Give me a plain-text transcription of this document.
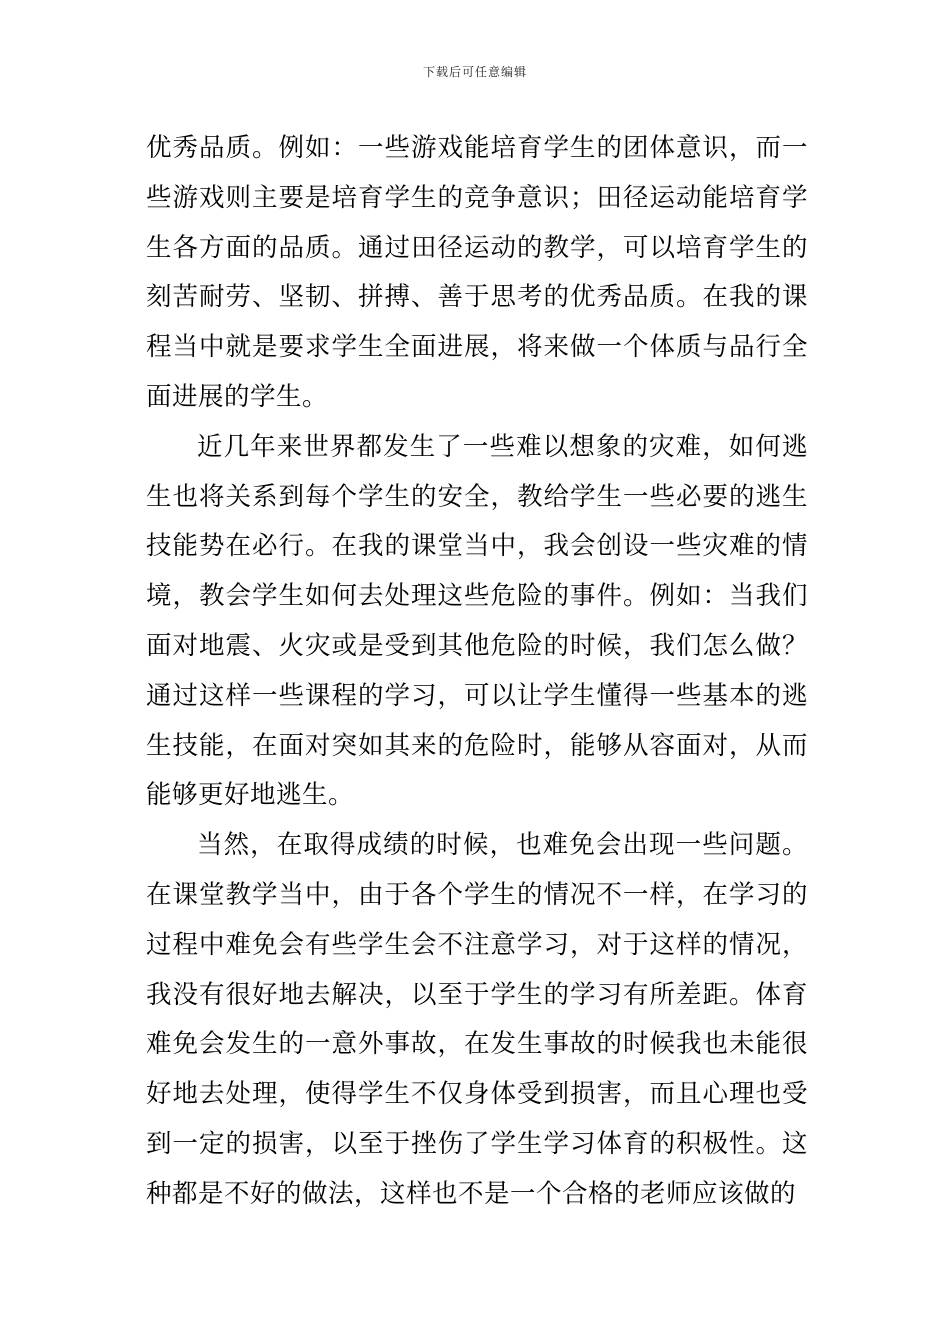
下载后可任意编辑

优秀品质。例如：一些游戏能培育学生的团体意识，而一些游戏则主要是培育学生的竞争意识；田径运动能培育学生各方面的品质。通过田径运动的教学，可以培育学生的刻苦耐劳、坚韧、拼搏、善于思考的优秀品质。在我的课程当中就是要求学生全面进展，将来做一个体质与品行全面进展的学生。

近几年来世界都发生了一些难以想象的灾难，如何逃生也将关系到每个学生的安全，教给学生一些必要的逃生技能势在必行。在我的课堂当中，我会创设一些灾难的情境，教会学生如何去处理这些危险的事件。例如：当我们面对地震、火灾或是受到其他危险的时候，我们怎么做？通过这样一些课程的学习，可以让学生懂得一些基本的逃生技能，在面对突如其来的危险时，能够从容面对，从而能够更好地逃生。

当然，在取得成绩的时候，也难免会出现一些问题。在课堂教学当中，由于各个学生的情况不一样，在学习的过程中难免会有些学生会不注意学习，对于这样的情况，我没有很好地去解决，以至于学生的学习有所差距。体育难免会发生的一意外事故，在发生事故的时候我也未能很好地去处理，使得学生不仅身体受到损害，而且心理也受到一定的损害，以至于挫伤了学生学习体育的积极性。这种都是不好的做法，这样也不是一个合格的老师应该做的
